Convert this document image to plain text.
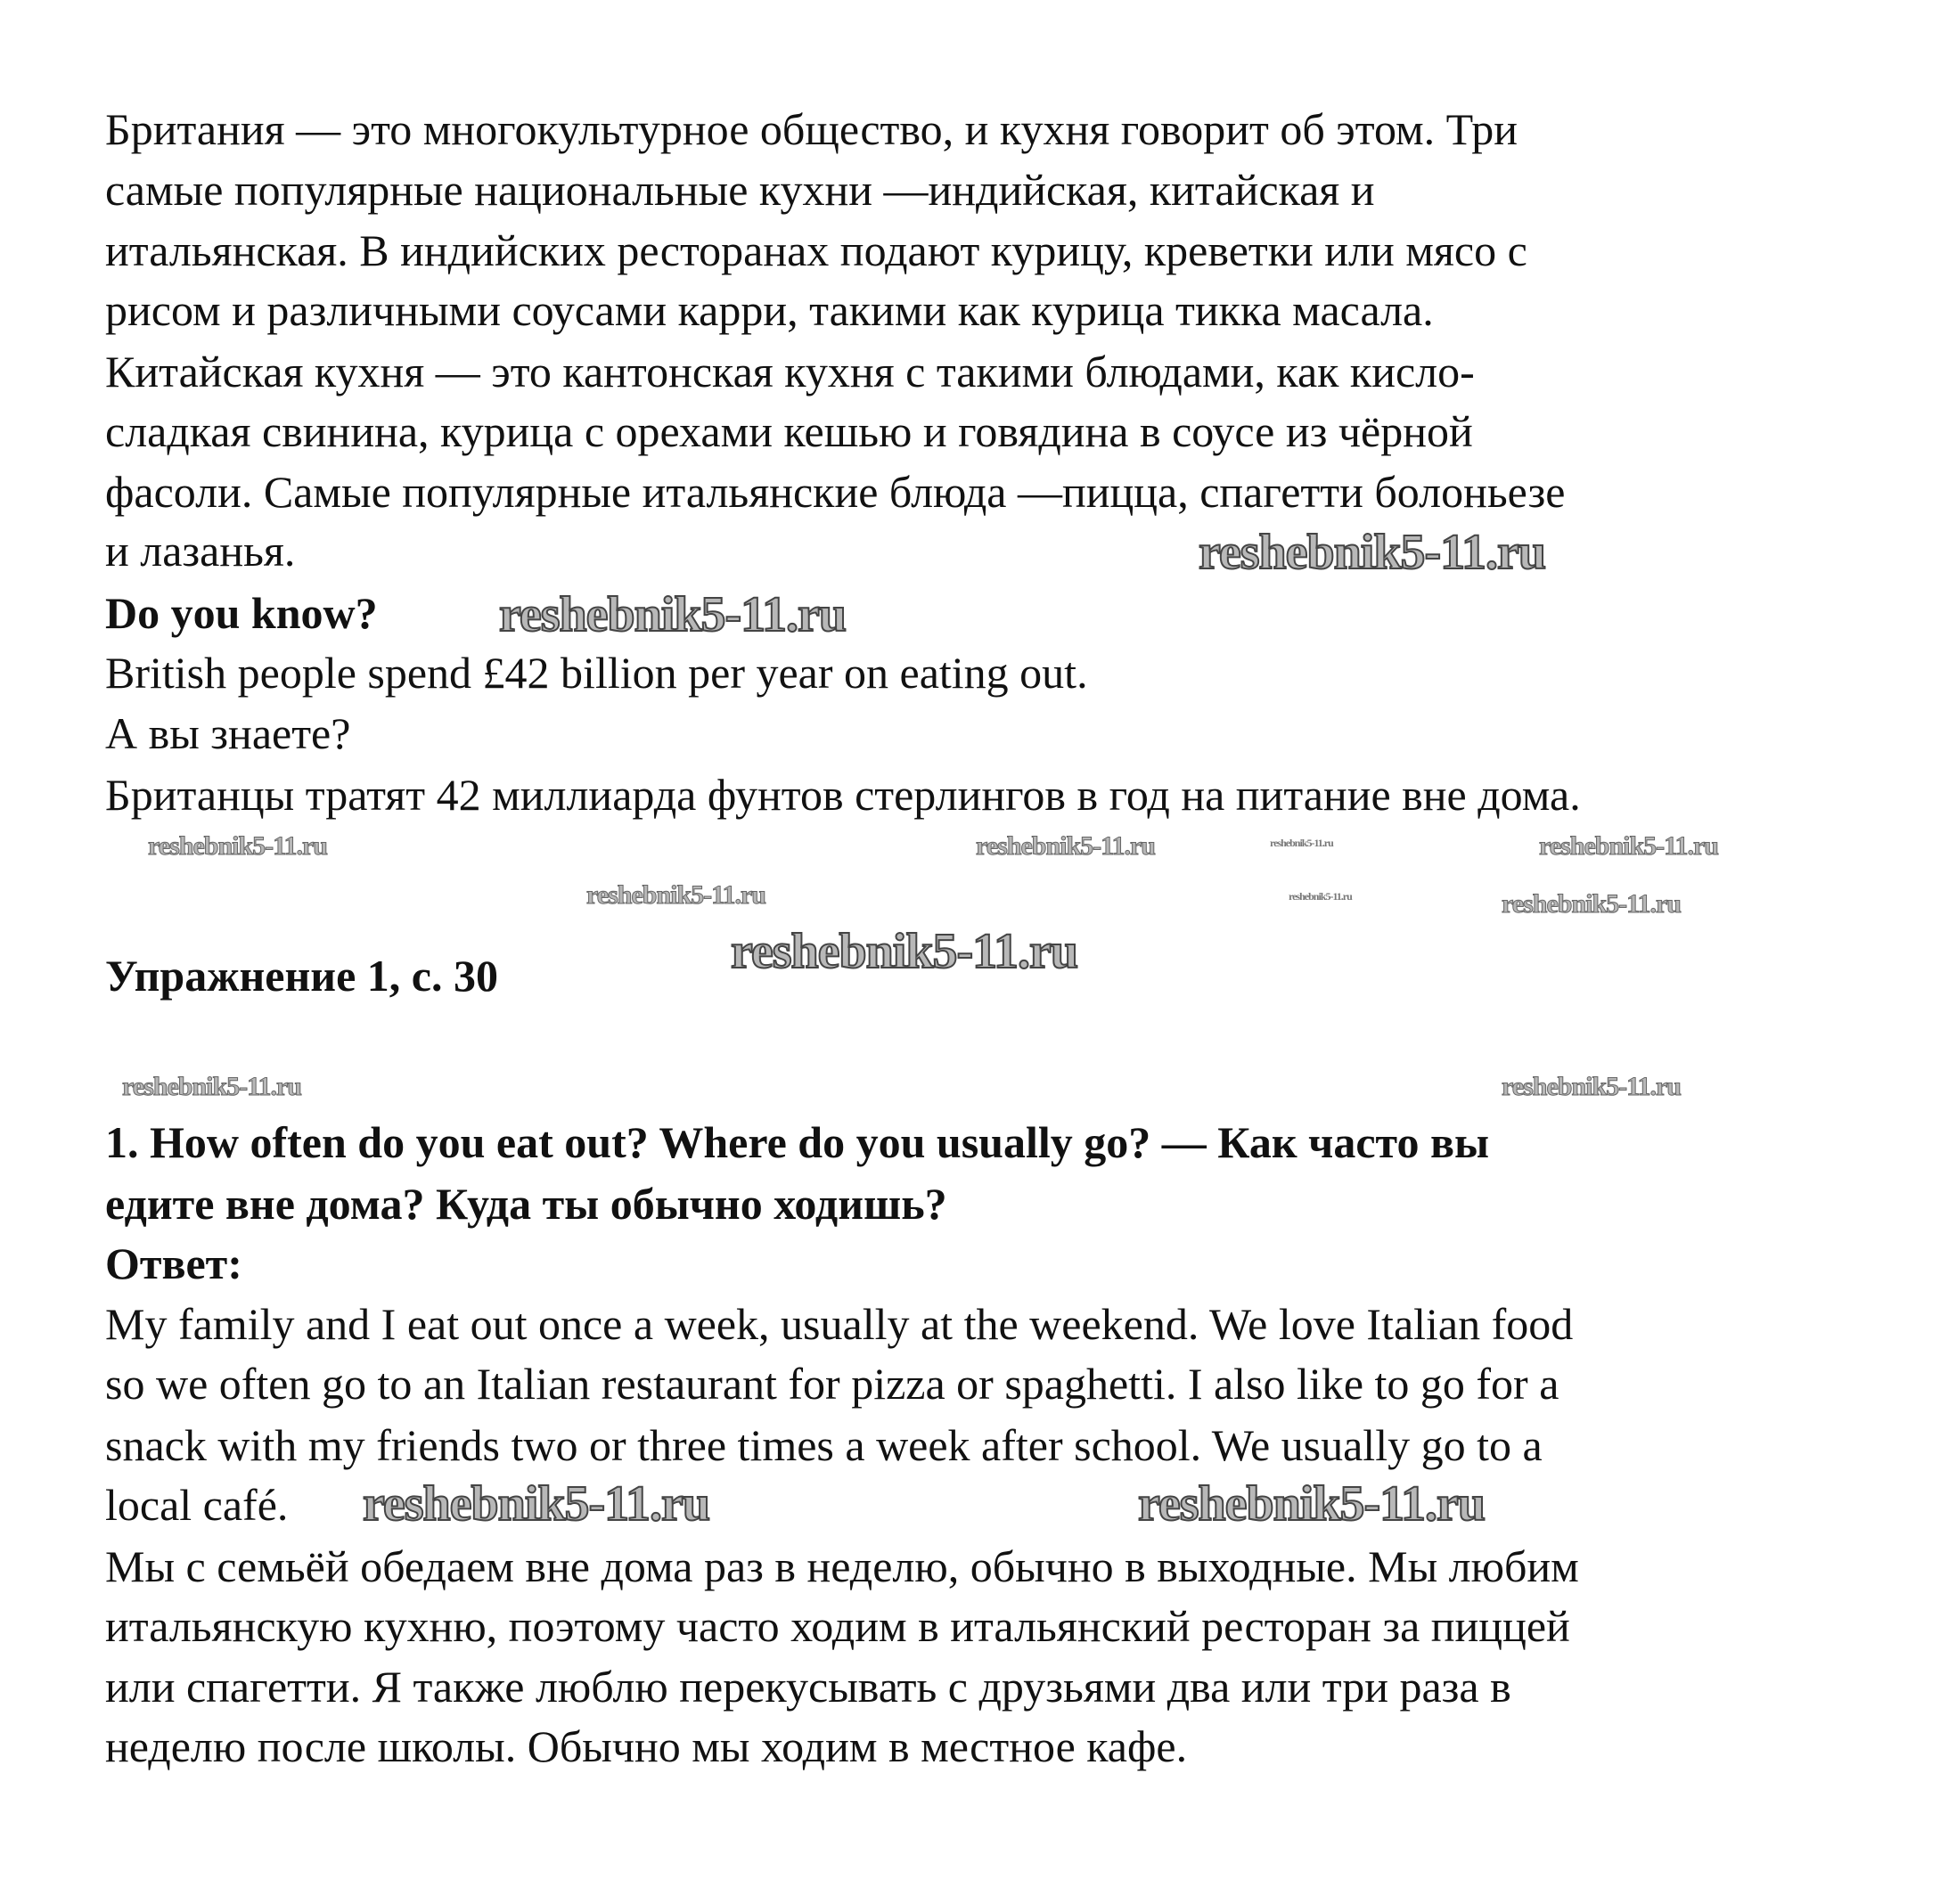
Британия — это многокультурное общество, и кухня говорит об этом. Три
самые популярные национальные кухни —индийская, китайская и
итальянская. В индийских ресторанах подают курицу, креветки или мясо с
рисом и различными соусами карри, такими как курица тикка масала.
Китайская кухня — это кантонская кухня с такими блюдами, как кисло-
сладкая свинина, курица с орехами кешью и говядина в соусе из чёрной
фасоли. Самые популярные итальянские блюда —пицца, спагетти болоньезе
и лазанья.
Do you know?
British people spend £42 billion per year on eating out.
А вы знаете?
Британцы тратят 42 миллиарда фунтов стерлингов в год на питание вне дома.
Упражнение 1, с. 30
1. How often do you eat out? Where do you usually go? — Как часто вы
едите вне дома? Куда ты обычно ходишь?
Ответ:
My family and I eat out once a week, usually at the weekend. We love Italian food
so we often go to an Italian restaurant for pizza or spaghetti. I also like to go for a
snack with my friends two or three times a week after school. We usually go to a
local café.
Мы с семьёй обедаем вне дома раз в неделю, обычно в выходные. Мы любим
итальянскую кухню, поэтому часто ходим в итальянский ресторан за пиццей
или спагетти. Я также люблю перекусывать с друзьями два или три раза в
неделю после школы. Обычно мы ходим в местное кафе.
reshebnik5-11.ru	reshebnik5-11.ru	reshebnik5-11.ru
reshebnik5-11.ru	reshebnik5-11.ru
reshebnik5-11.ru
reshebnik5-11.ru
reshebnik5-11.ru
reshebnik5-11.ru
reshebnik5-11.ru
reshebnik5-11.ru	reshebnik5-11.ru
reshebnik5-11.ru	reshebnik5-11.ru
